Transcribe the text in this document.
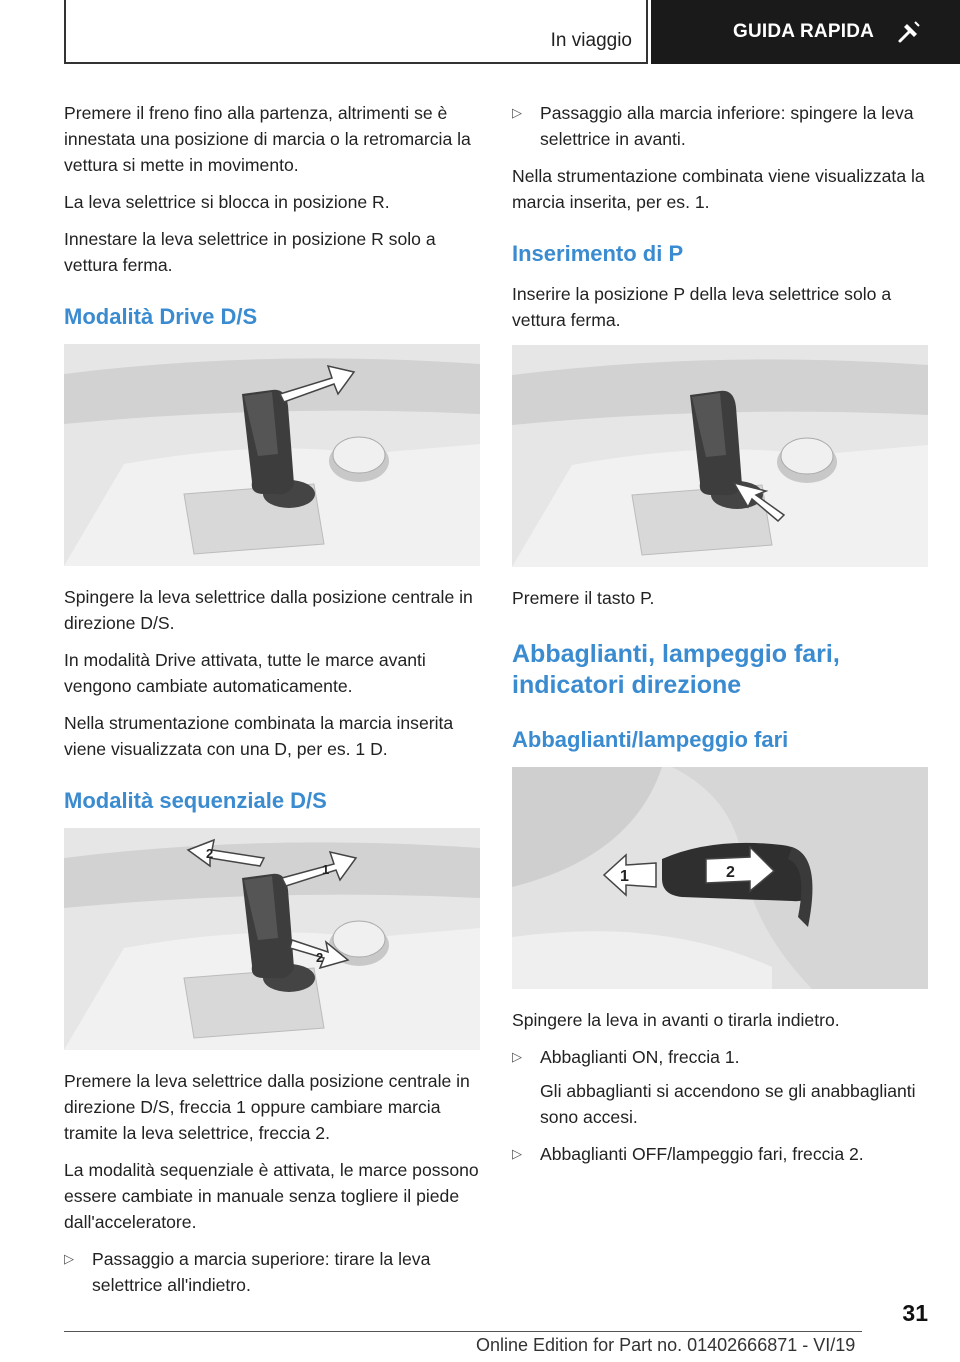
In viaggio	GUIDA RAPIDA

Premere il freno fino alla partenza, altrimenti se è innestata una posizione di marcia o la retromarcia la vettura si mette in movimento.

La leva selettrice si blocca in posizione R.

Innestare la leva selettrice in posizione R solo a vettura ferma.

Modalità Drive D/S

Spingere la leva selettrice dalla posizione centrale in direzione D/S.

In modalità Drive attivata, tutte le marce avanti vengono cambiate automaticamente.

Nella strumentazione combinata la marcia inserita viene visualizzata con una D, per es. 1 D.

Modalità sequenziale D/S
1
2
2

Premere la leva selettrice dalla posizione centrale in direzione D/S, freccia 1 oppure cambiare marcia tramite la leva selettrice, freccia 2.

La modalità sequenziale è attivata, le marce possono essere cambiate in manuale senza togliere il piede dall'acceleratore.

▷	Passaggio a marcia superiore: tirare la leva selettrice all'indietro.

▷	Passaggio alla marcia inferiore: spingere la leva selettrice in avanti.

Nella strumentazione combinata viene visualizzata la marcia inserita, per es. 1.

Inserimento di P

Inserire la posizione P della leva selettrice solo a vettura ferma.

Premere il tasto P.

Abbaglianti, lampeggio fari, indicatori direzione
Abbaglianti/lampeggio fari
2
1

Spingere la leva in avanti o tirarla indietro.

▷	Abbaglianti ON, freccia 1.

Gli abbaglianti si accendono se gli anabbaglianti sono accesi.

▷	Abbaglianti OFF/lampeggio fari, freccia 2.

31
Online Edition for Part no. 01402666871 - VI/19
